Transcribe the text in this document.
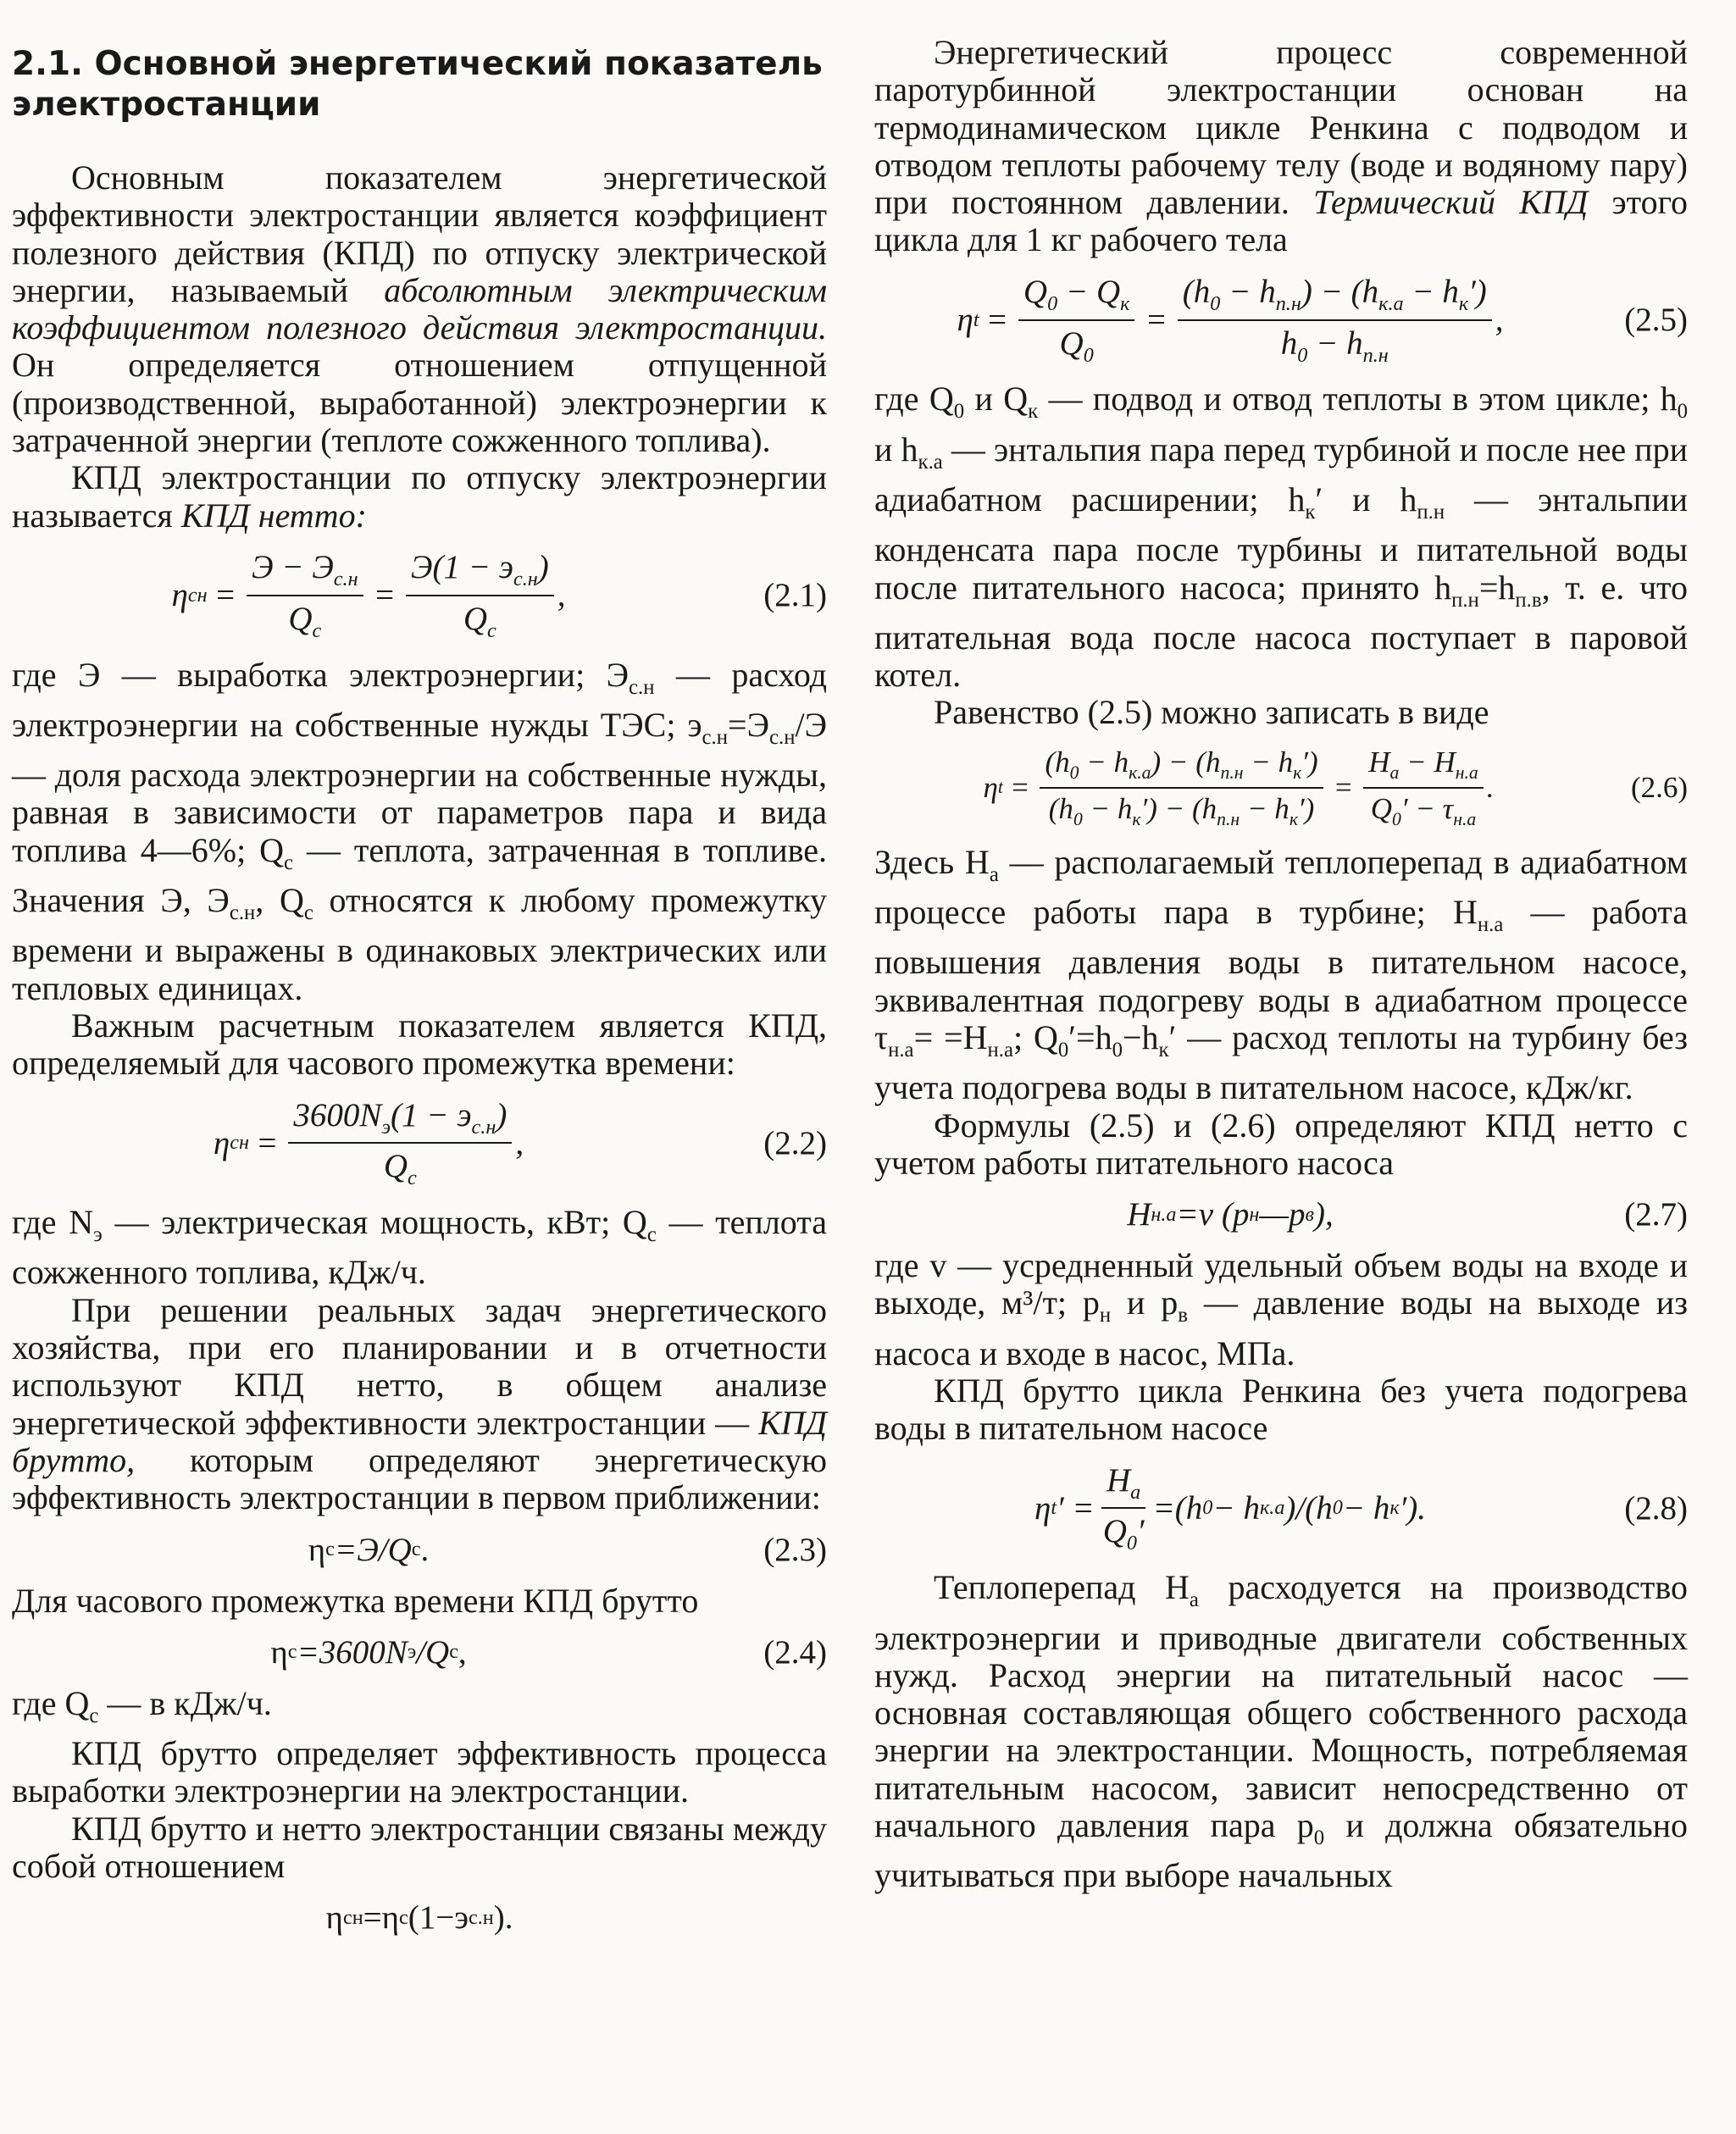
2.1. Основной энергетический показатель электростанции

Основным показателем энергетической эффективности электростанции является коэффициент полезного действия (КПД) по отпуску электрической энергии, называемый абсолютным электрическим коэффициентом полезного действия электростанции. Он определяется отношением отпущенной (производственной, выработанной) электроэнергии к затраченной энергии (теплоте сожженного топлива).

КПД электростанции по отпуску электроэнергии называется КПД нетто:

η с $н = \frac{Э - Э_{с.н}}{Q_с} = \frac{Э(1 - э_{с.н})}{Q_с}$ ,	(2.1)

где Э — выработка электроэнергии; $Э_{с.н}$ — расход электроэнергии на собственные нужды ТЭС; $э_{с.н}=Э_{с.н}/Э$ — доля расхода электроэнергии на собственные нужды, равная в зависимости от параметров пара и вида топлива 4—6%; $Q_с$ — теплота, затраченная в топливе. Значения Э, $Э_{с.н}$, $Q_с$ относятся к любому промежутку времени и выражены в одинаковых электрических или тепловых единицах.

Важным расчетным показателем является КПД, определяемый для часового промежутка времени:

η с $н = \frac{3600N_э(1 - э_{с.н})}{Q_с}$ ,	(2.2)

где $N_э$ — электрическая мощность, кВт; $Q_с$ — теплота сожженного топлива, кДж/ч.

При решении реальных задач энергетического хозяйства, при его планировании и в отчетности используют КПД нетто, в общем анализе энергетической эффективности электростанции — КПД брутто, которым определяют энергетическую эффективность электростанции в первом приближении:

η с =Э/Q с .	(2.3)

Для часового промежутка времени КПД брутто

η с =3600N э /Q с ,	(2.4)

где $Q_с$ — в кДж/ч.

КПД брутто определяет эффективность процесса выработки электроэнергии на электростанции.

КПД брутто и нетто электростанции связаны между собой отношением

η с н =η с (1−э с.н ).

Энергетический процесс современной паротурбинной электростанции основан на термодинамическом цикле Ренкина с подводом и отводом теплоты рабочему телу (воде и водяному пару) при постоянном давлении. Термический КПД этого цикла для 1 кг рабочего тела

η $t = \frac{Q_0 - Q_к}{Q_0} = \frac{(h_0 - h_{п.н}) - (h_{к.а} - h_к')}{h_0 - h_{п.н}}$ ,	(2.5)

где $Q_0$ и $Q_к$ — подвод и отвод теплоты в этом цикле; $h_0$ и $h_{к.а}$ — энтальпия пара перед турбиной и после нее при адиабатном расширении; $h_к'$ и $h_{п.н}$ — энтальпии конденсата пара после турбины и питательной воды после питательного насоса; принято $h_{п.н}=h_{п.в}$, т. е. что питательная вода после насоса поступает в паровой котел.

Равенство (2.5) можно записать в виде

η $t = \frac{(h_0 - h_{к.а}) - (h_{п.н} - h_к')}{(h_0 - h_к') - (h_{п.н} - h_к')} = \frac{H_а - H_{н.а}}{Q_0' - \tau_{н.а}}$ .	(2.6)

Здесь $H_а$ — располагаемый теплоперепад в адиабатном процессе работы пара в турбине; $H_{н.а}$ — работа повышения давления воды в питательном насосе, эквивалентная подогреву воды в адиабатном процессе $\tau_{н.а}= =H_{н.а}$; $Q_0'=h_0-h_к'$ — расход теплоты на турбину без учета подогрева воды в питательном насосе, кДж/кг.

Формулы (2.5) и (2.6) определяют КПД нетто с учетом работы питательного насоса

H н.а =v (p н —p в ),	(2.7)

где v — усредненный удельный объем воды на входе и выходе, м³/т; $p_н$ и $p_в$ — давление воды на выходе из насоса и входе в насос, МПа.

КПД брутто цикла Ренкина без учета подогрева воды в питательном насосе

η t ′ = $\frac{H_а}{Q_0'} =(h$ 0 − h к.а )/(h 0 − h к ′).	(2.8)

Теплоперепад $H_а$ расходуется на производство электроэнергии и приводные двигатели собственных нужд. Расход энергии на питательный насос — основная составляющая общего собственного расхода энергии на электростанции. Мощность, потребляемая питательным насосом, зависит непосредственно от начального давления пара $p_0$ и должна обязательно учитываться при выборе начальных
